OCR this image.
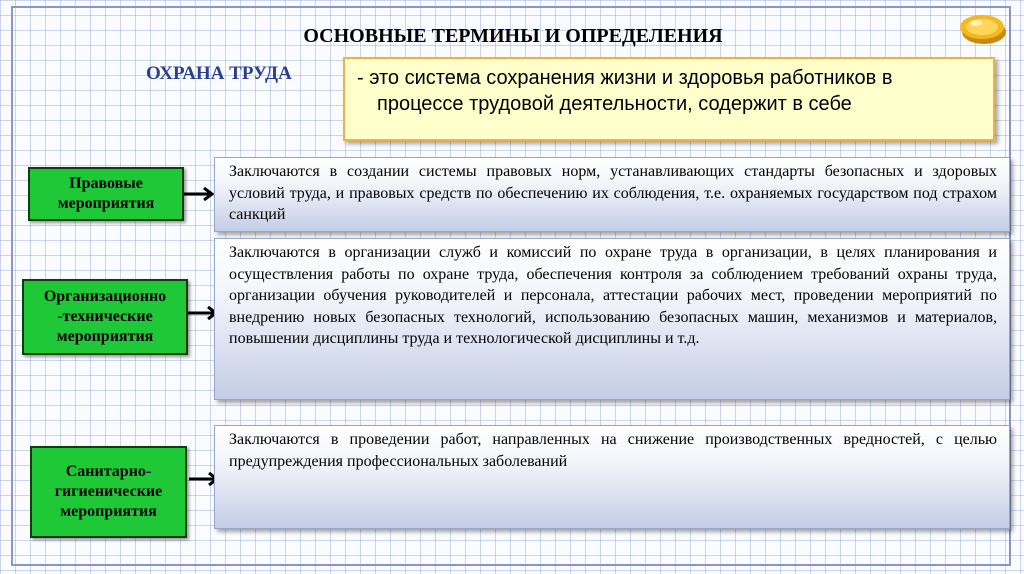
ОСНОВНЫЕ ТЕРМИНЫ И ОПРЕДЕЛЕНИЯ
ОХРАНА ТРУДА	- это система сохранения жизни и здоровья работников в
процессе трудовой деятельности, содержит в себе
Правовые мероприятия
Заключаются в создании системы правовых норм, устанавливающих стандарты безопасных и здоровых условий труда, и правовых средств по обеспечению их соблюдения, т.е. охраняемых государством под страхом санкций
Организационно -технические мероприятия
Заключаются в организации служб и комиссий по охране труда в организации, в целях планирования и осуществления работы по охране труда, обеспечения контроля за соблюдением требований охраны труда, организации обучения руководителей и персонала, аттестации рабочих мест, проведении мероприятий по внедрению новых безопасных технологий, использованию безопасных машин, механизмов и материалов, повышении дисциплины труда и технологической дисциплины и т.д.
Санитарно-гигиенические мероприятия
Заключаются в проведении работ, направленных на снижение производственных вредностей, с целью предупреждения профессиональных заболеваний
